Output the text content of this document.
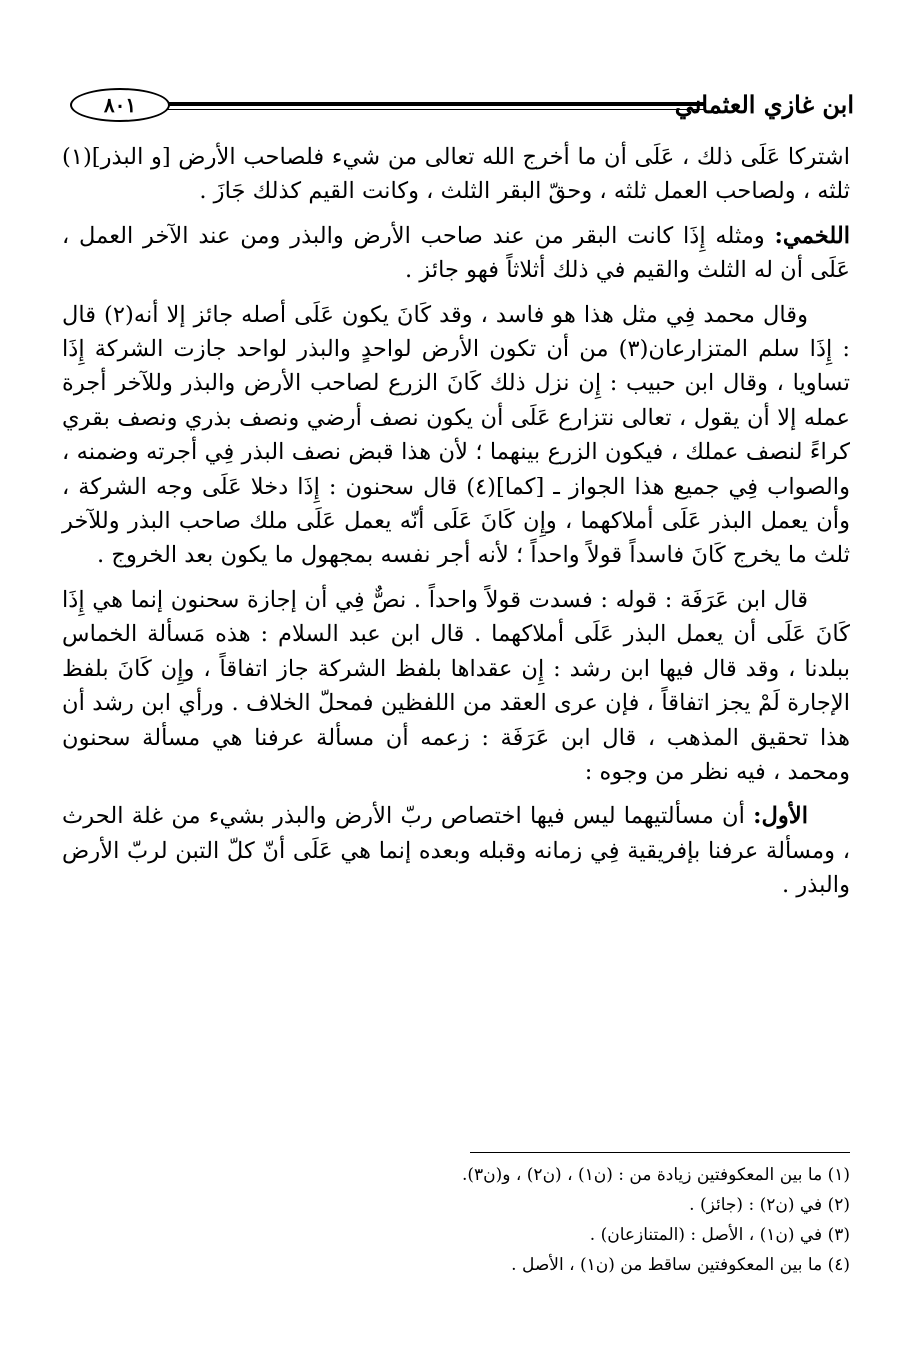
٨٠١	ابن غازي العثماني

اشتركا عَلَى ذلك ، عَلَى أن ما أخرج الله تعالى من شيء فلصاحب الأرض [و البذر](١) ثلثه ، ولصاحب العمل ثلثه ، وحقّ البقر الثلث ، وكانت القيم كذلك جَازَ .

اللخمي: ومثله إِذَا كانت البقر من عند صاحب الأرض والبذر ومن عند الآخر العمل ، عَلَى أن له الثلث والقيم في ذلك أثلاثاً فهو جائز .

وقال محمد فِي مثل هذا هو فاسد ، وقد كَانَ يكون عَلَى أصله جائز إلا أنه(٢) قال : إِذَا سلم المتزارعان(٣) من أن تكون الأرض لواحدٍ والبذر لواحد جازت الشركة إِذَا تساويا ، وقال ابن حبيب : إِن نزل ذلك كَانَ الزرع لصاحب الأرض والبذر وللآخر أجرة عمله إلا أن يقول ، تعالى نتزارع عَلَى أن يكون نصف أرضي ونصف بذري ونصف بقري كراءً لنصف عملك ، فيكون الزرع بينهما ؛ لأن هذا قبض نصف البذر فِي أجرته وضمنه ، والصواب فِي جميع هذا الجواز ـ [كما](٤) قال سحنون : إِذَا دخلا عَلَى وجه الشركة ، وأن يعمل البذر عَلَى أملاكهما ، وإِن كَانَ عَلَى أنّه يعمل عَلَى ملك صاحب البذر وللآخر ثلث ما يخرج كَانَ فاسداً قولاً واحداً ؛ لأنه أجر نفسه بمجهول ما يكون بعد الخروج .

قال ابن عَرَفَة : قوله : فسدت قولاً واحداً . نصٌّ فِي أن إجازة سحنون إنما هي إِذَا كَانَ عَلَى أن يعمل البذر عَلَى أملاكهما . قال ابن عبد السلام : هذه مَسألة الخماس ببلدنا ، وقد قال فيها ابن رشد : إِن عقداها بلفظ الشركة جاز اتفاقاً ، وإِن كَانَ بلفظ الإجارة لَمْ يجز اتفاقاً ، فإن عرى العقد من اللفظين فمحلّ الخلاف . ورأي ابن رشد أن هذا تحقيق المذهب ، قال ابن عَرَفَة : زعمه أن مسألة عرفنا هي مسألة سحنون ومحمد ، فيه نظر من وجوه :

الأول: أن مسألتيهما ليس فيها اختصاص ربّ الأرض والبذر بشيء من غلة الحرث ، ومسألة عرفنا بإفريقية فِي زمانه وقبله وبعده إنما هي عَلَى أنّ كلّ التبن لربّ الأرض والبذر .

(١) ما بين المعكوفتين زيادة من : (ن١) ، (ن٢) ، و(ن٣).

(٢) في (ن٢) : (جائز) .

(٣) في (ن١) ، الأصل : (المتنازعان) .

(٤) ما بين المعكوفتين ساقط من (ن١) ، الأصل .
